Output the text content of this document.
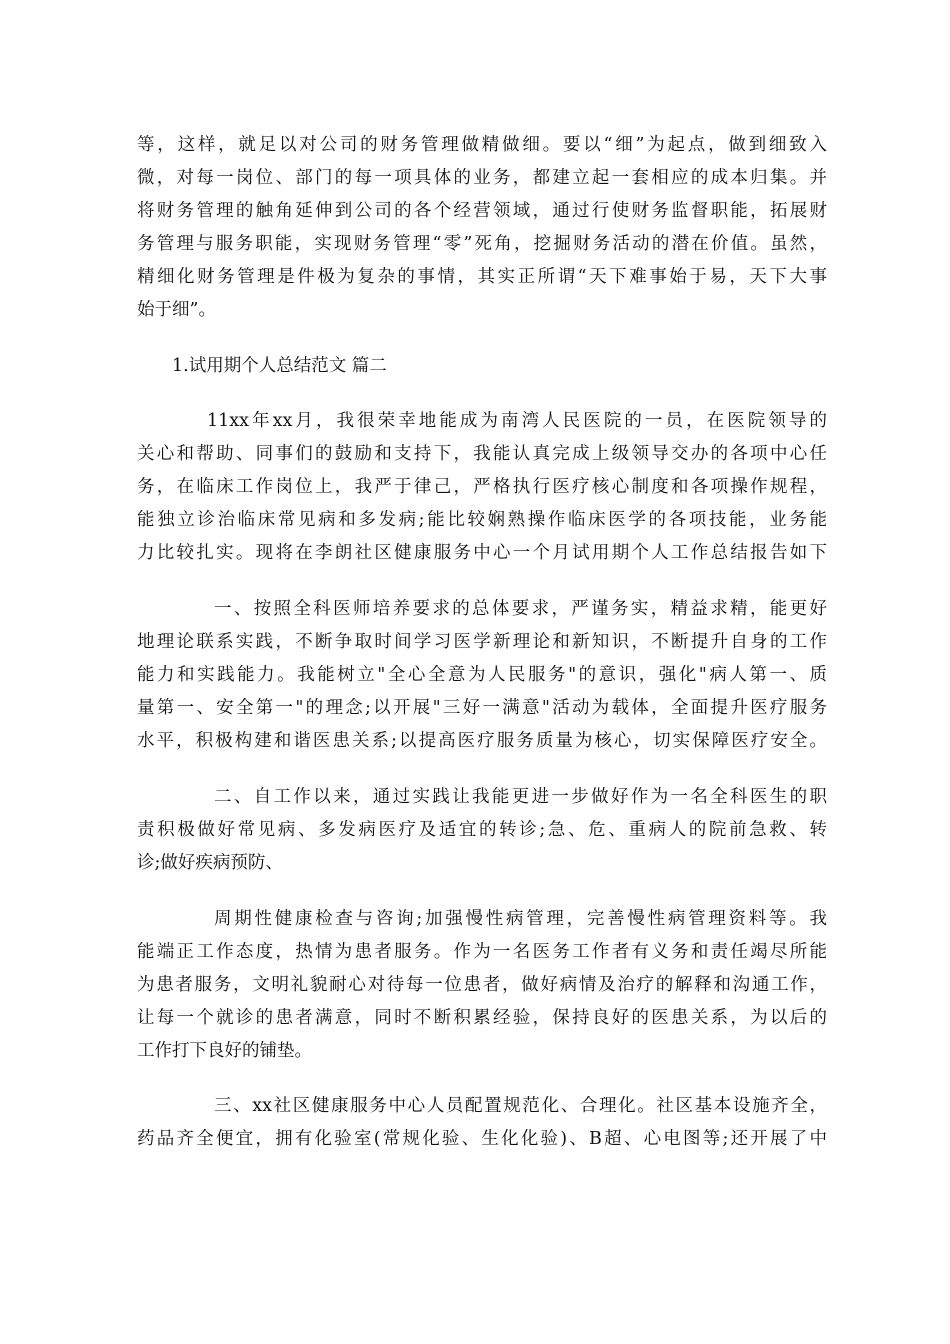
等，这样，就足以对公司的财务管理做精做细。要以“细”为起点，做到细致入
微，对每一岗位、部门的每一项具体的业务，都建立起一套相应的成本归集。并
将财务管理的触角延伸到公司的各个经营领域，通过行使财务监督职能，拓展财
务管理与服务职能，实现财务管理“零”死角，挖掘财务活动的潜在价值。虽然，
精细化财务管理是件极为复杂的事情，其实正所谓“天下难事始于易，天下大事
始于细”。
1.试用期个人总结范文 篇二
11xx年xx月，我很荣幸地能成为南湾人民医院的一员，在医院领导的
关心和帮助、同事们的鼓励和支持下，我能认真完成上级领导交办的各项中心任
务，在临床工作岗位上，我严于律己，严格执行医疗核心制度和各项操作规程，
能独立诊治临床常见病和多发病;能比较娴熟操作临床医学的各项技能，业务能
力比较扎实。现将在李朗社区健康服务中心一个月试用期个人工作总结报告如下
一、按照全科医师培养要求的总体要求，严谨务实，精益求精，能更好
地理论联系实践，不断争取时间学习医学新理论和新知识，不断提升自身的工作
能力和实践能力。我能树立"全心全意为人民服务"的意识，强化"病人第一、质
量第一、安全第一"的理念;以开展"三好一满意"活动为载体，全面提升医疗服务
水平，积极构建和谐医患关系;以提高医疗服务质量为核心，切实保障医疗安全。
二、自工作以来，通过实践让我能更进一步做好作为一名全科医生的职
责积极做好常见病、多发病医疗及适宜的转诊;急、危、重病人的院前急救、转
诊;做好疾病预防、
周期性健康检查与咨询;加强慢性病管理，完善慢性病管理资料等。我
能端正工作态度，热情为患者服务。作为一名医务工作者有义务和责任竭尽所能
为患者服务，文明礼貌耐心对待每一位患者，做好病情及治疗的解释和沟通工作，
让每一个就诊的患者满意，同时不断积累经验，保持良好的医患关系，为以后的
工作打下良好的铺垫。
三、xx社区健康服务中心人员配置规范化、合理化。社区基本设施齐全，
药品齐全便宜，拥有化验室(常规化验、生化化验)、B超、心电图等;还开展了中
